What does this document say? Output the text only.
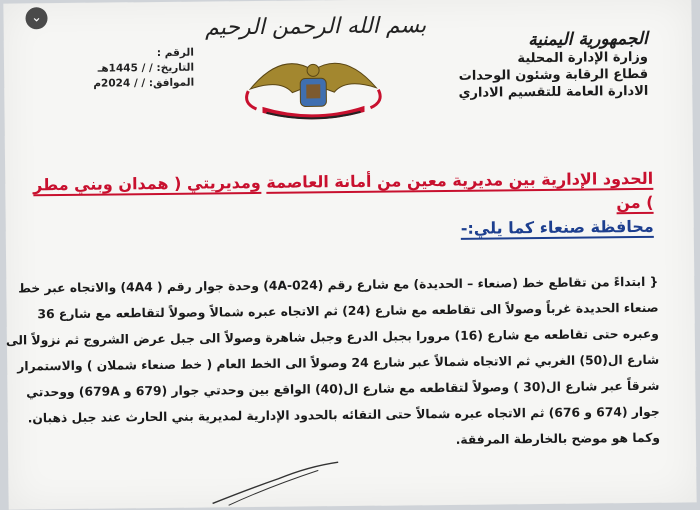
⌄	بسم الله الرحمن الرحيم
الرقم :
التاريخ: / / 1445هـ
الموافق: / / 2024م
الجمهورية اليمنية
وزارة الإدارة المحلية
قطاع الرقابة وشئون الوحدات
الادارة العامة للتقسيم الاداري
الحدود الإدارية بين مديرية معين من أمانة العاصمة ومديريتي ( همدان وبني مطر ) من
محافظة صنعاء كما يلي:-

{ ابتداءً من تقاطع خط (صنعاء – الحديدة) مع شارع رقم (4A-024) وحدة جوار رقم ( 4A4) والاتجاه عبر خط

صنعاء الحديدة غرباً وصولاً الى تقاطعه مع شارع (24) ثم الاتجاه عبره شمالاً وصولاً لتقاطعه مع شارع 36

وعبره حتى تقاطعه مع شارع (16) مرورا بجبل الدرع وجبل شاهرة وصولاً الى جبل عرض الشروج ثم نزولاً الى

شارع ال(50) الغربي ثم الاتجاه شمالاً عبر شارع 24 وصولاً الى الخط العام ( خط صنعاء شملان ) والاستمرار

شرقاً عبر شارع ال(30 ) وصولاً لتقاطعه مع شارع ال(40) الواقع بين وحدتي جوار (679 و 679A) ووحدتي

جوار (674 و 676) ثم الاتجاه عبره شمالاً حتى التقائه بالحدود الإدارية لمديرية بني الحارث عند جبل ذهبان.

وكما هو موضح بالخارطة المرفقة.
